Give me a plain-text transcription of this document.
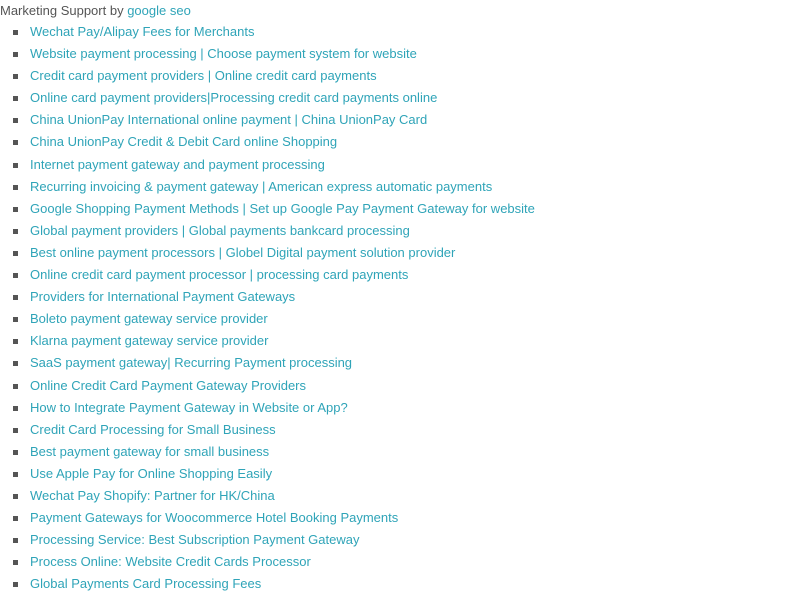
Marketing Support by google seo
Wechat Pay/Alipay Fees for Merchants
Website payment processing | Choose payment system for website
Credit card payment providers | Online credit card payments
Online card payment providers|Processing credit card payments online
China UnionPay International online payment | China UnionPay Card
China UnionPay Credit & Debit Card online Shopping
Internet payment gateway and payment processing
Recurring invoicing & payment gateway | American express automatic payments
Google Shopping Payment Methods | Set up Google Pay Payment Gateway for website
Global payment providers | Global payments bankcard processing
Best online payment processors | Globel Digital payment solution provider
Online credit card payment processor | processing card payments
Providers for International Payment Gateways
Boleto payment gateway service provider
Klarna payment gateway service provider
SaaS payment gateway| Recurring Payment processing
Online Credit Card Payment Gateway Providers
How to Integrate Payment Gateway in Website or App?
Credit Card Processing for Small Business
Best payment gateway for small business
Use Apple Pay for Online Shopping Easily
Wechat Pay Shopify: Partner for HK/China
Payment Gateways for Woocommerce Hotel Booking Payments
Processing Service: Best Subscription Payment Gateway
Process Online: Website Credit Cards Processor
Global Payments Card Processing Fees
